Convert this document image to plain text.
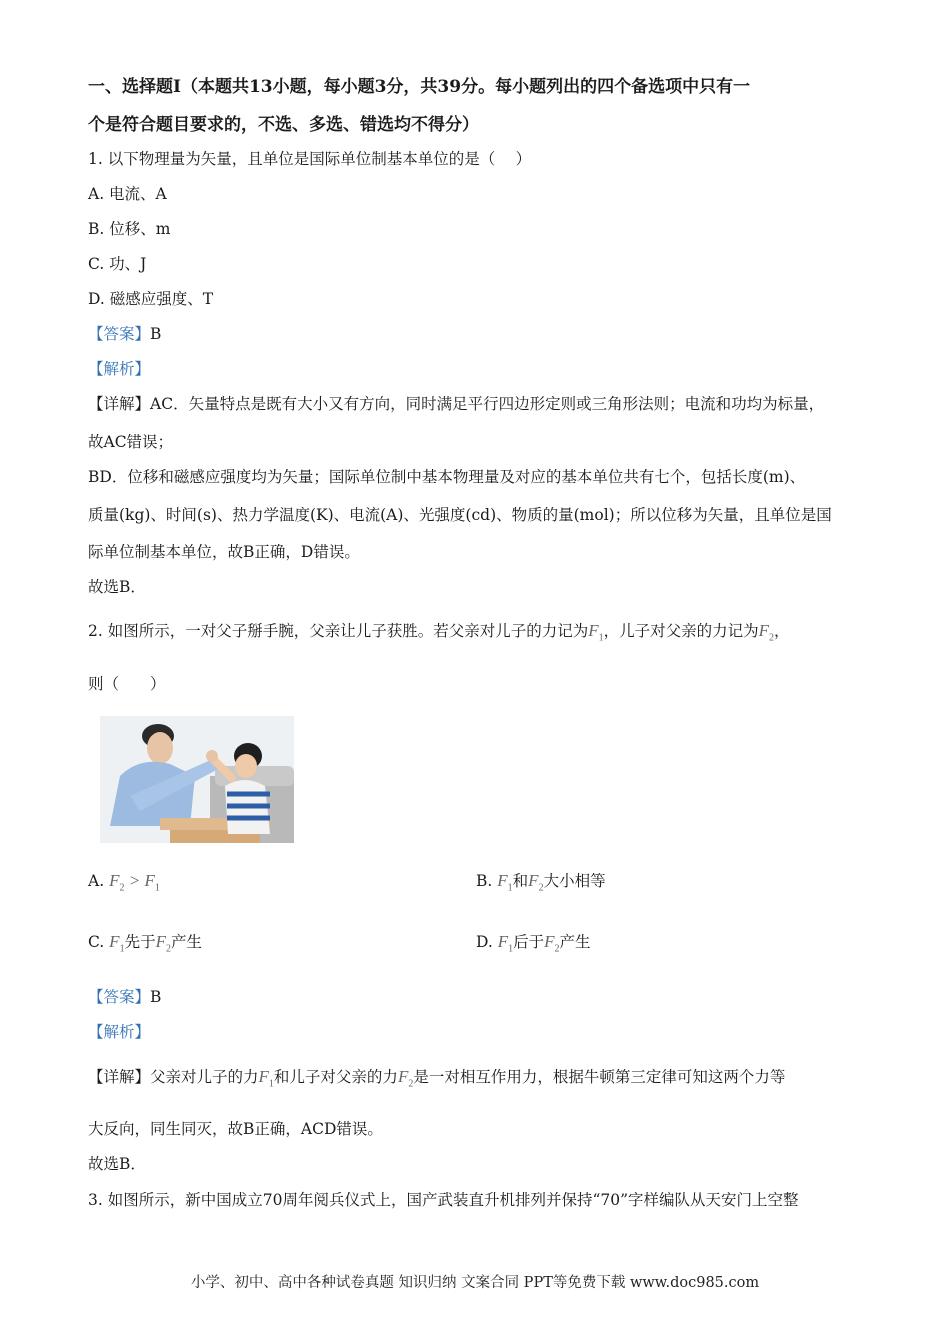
一、选择题Ⅰ（本题共13小题，每小题3分，共39分。每小题列出的四个备选项中只有一
个是符合题目要求的，不选、多选、错选均不得分）
1. 以下物理量为矢量，且单位是国际单位制基本单位的是（　 ）
A. 电流、A
B. 位移、m
C. 功、J
D. 磁感应强度、T
【答案】B
【解析】
【详解】AC．矢量特点是既有大小又有方向，同时满足平行四边形定则或三角形法则；电流和功均为标量，
故AC错误；
BD．位移和磁感应强度均为矢量；国际单位制中基本物理量及对应的基本单位共有七个，包括长度(m)、
质量(kg)、时间(s)、热力学温度(K)、电流(A)、光强度(cd)、物质的量(mol)；所以位移为矢量，且单位是国
际单位制基本单位，故B正确，D错误。
故选B．
2. 如图所示，一对父子掰手腕，父亲让儿子获胜。若父亲对儿子的力记为$F_1$，儿子对父亲的力记为$F_2$，
则（　　）
A. $F_2 > F_1$	B. $F_1$和$F_2$大小相等
C. $F_1$先于$F_2$产生	D. $F_1$后于$F_2$产生
【答案】B
【解析】
【详解】父亲对儿子的力$F_1$和儿子对父亲的力$F_2$是一对相互作用力，根据牛顿第三定律可知这两个力等
大反向，同生同灭，故B正确，ACD错误。
故选B．
3. 如图所示，新中国成立70周年阅兵仪式上，国产武装直升机排列并保持“70”字样编队从天安门上空整
小学、初中、高中各种试卷真题 知识归纳 文案合同 PPT等免费下载 www.doc985.com
